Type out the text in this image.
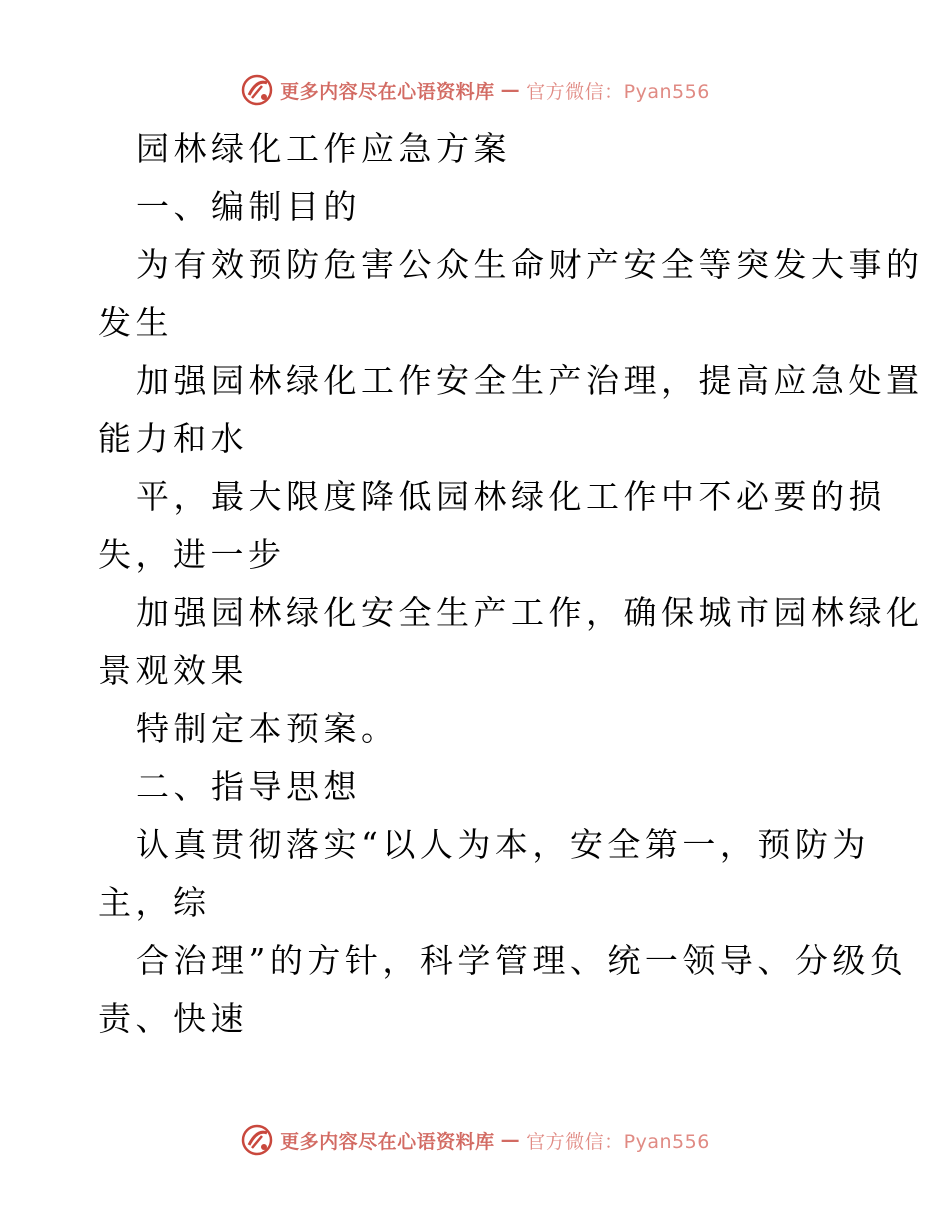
更多内容尽在心语资料库 — 官方微信：Pyan556
园林绿化工作应急方案
一、编制目的
为有效预防危害公众生命财产安全等突发大事的
发生
加强园林绿化工作安全生产治理，提高应急处置
能力和水
平，最大限度降低园林绿化工作中不必要的损
失，进一步
加强园林绿化安全生产工作，确保城市园林绿化
景观效果
特制定本预案。
二、指导思想
认真贯彻落实“以人为本，安全第一，预防为
主，综
合治理”的方针，科学管理、统一领导、分级负
责、快速
更多内容尽在心语资料库 — 官方微信：Pyan556
